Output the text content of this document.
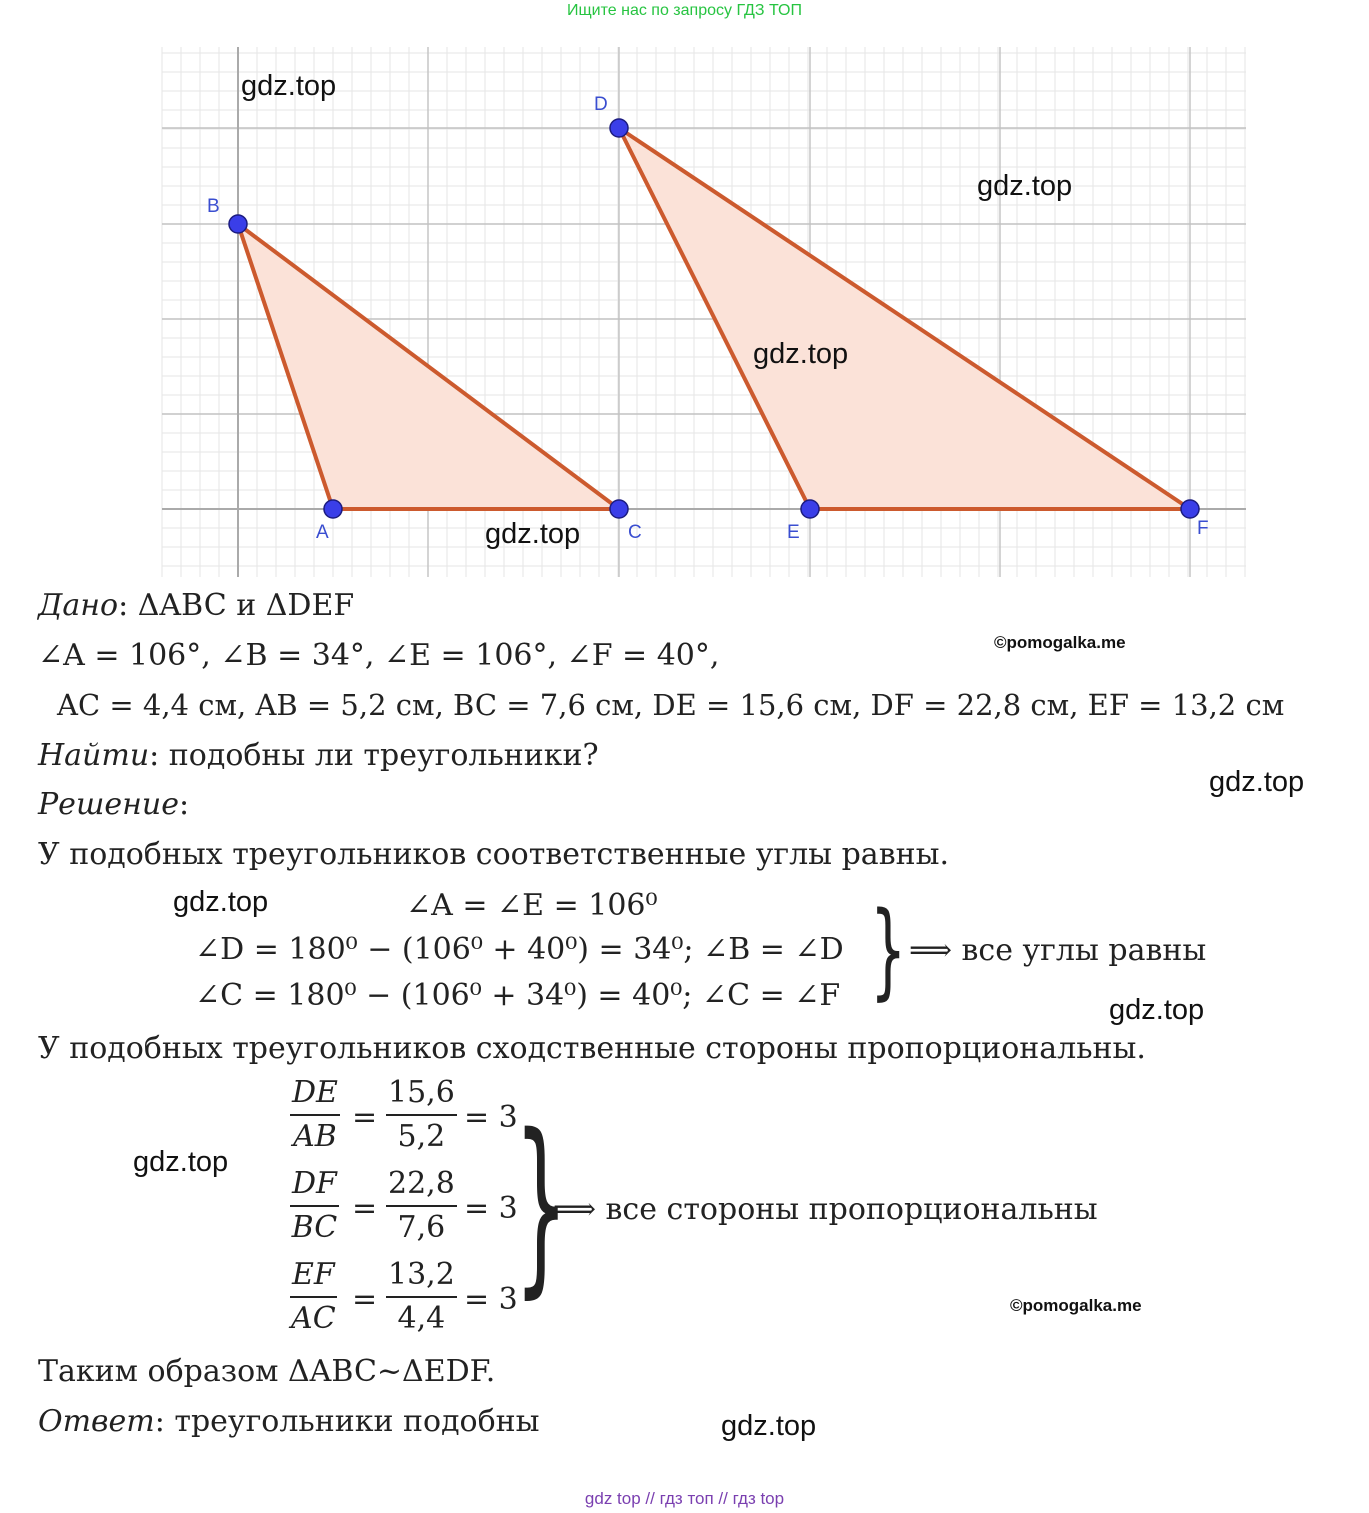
Ищите нас по запросу ГДЗ ТОП
A
B
C
D
E	F
gdz.top
gdz.top
gdz.top
gdz.top
gdz.top
gdz.top
gdz.top
gdz.top
gdz.top
©pomogalka.me
©pomogalka.me
Дано: ΔABC и ΔDEF
∠A = 106°, ∠B = 34°, ∠E = 106°, ∠F = 40°,
AC = 4,4 см, AB = 5,2 см, BC = 7,6 см, DE = 15,6 см, DF = 22,8 см, EF = 13,2 см
Найти: подобны ли треугольники?
Решение:
У подобных треугольников соответственные углы равны.
∠A = ∠E = 106⁰
∠D = 180⁰ − (106⁰ + 40⁰) = 34⁰; ∠B = ∠D
∠C = 180⁰ − (106⁰ + 34⁰) = 40⁰; ∠C = ∠F } ⟹ все углы равны
У подобных треугольников сходственные стороны пропорциональны.
$\frac{DE}{AB} = \frac{15,6}{5,2} = 3$
$\frac{DF}{BC} = \frac{22,8}{7,6} = 3$
$\frac{EF}{AC} = \frac{13,2}{4,4} = 3$
}
⟹ все стороны пропорциональны
Таким образом ΔABC~ΔEDF.
Ответ: треугольники подобны
gdz top // гдз топ // гдз top
